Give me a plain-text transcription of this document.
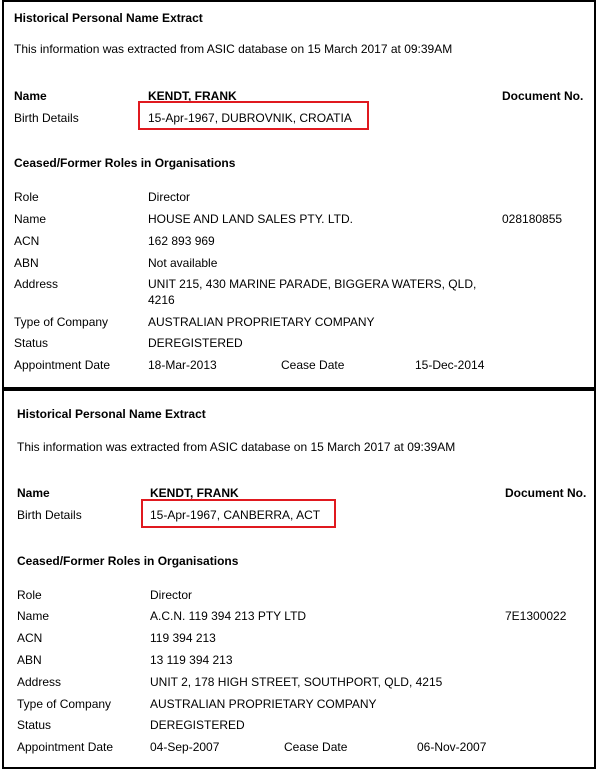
Historical Personal Name Extract
This information was extracted from ASIC database on 15 March 2017 at 09:39AM
Name	KENDT, FRANK	Document No.
Birth Details	15-Apr-1967, DUBROVNIK, CROATIA
Ceased/Former Roles in Organisations
Role	Director
Name	HOUSE AND LAND SALES PTY. LTD.	028180855
ACN	162 893 969
ABN	Not available
Address	UNIT 215, 430 MARINE PARADE, BIGGERA WATERS, QLD,
4216
Type of Company	AUSTRALIAN PROPRIETARY COMPANY
Status	DEREGISTERED
Appointment Date	18-Mar-2013	Cease Date	15-Dec-2014
Historical Personal Name Extract
This information was extracted from ASIC database on 15 March 2017 at 09:39AM
Name	KENDT, FRANK	Document No.
Birth Details	15-Apr-1967, CANBERRA, ACT
Ceased/Former Roles in Organisations
Role	Director
Name	A.C.N. 119 394 213 PTY LTD	7E1300022
ACN	119 394 213
ABN	13 119 394 213
Address	UNIT 2, 178 HIGH STREET, SOUTHPORT, QLD, 4215
Type of Company	AUSTRALIAN PROPRIETARY COMPANY
Status	DEREGISTERED
Appointment Date	04-Sep-2007	Cease Date	06-Nov-2007
